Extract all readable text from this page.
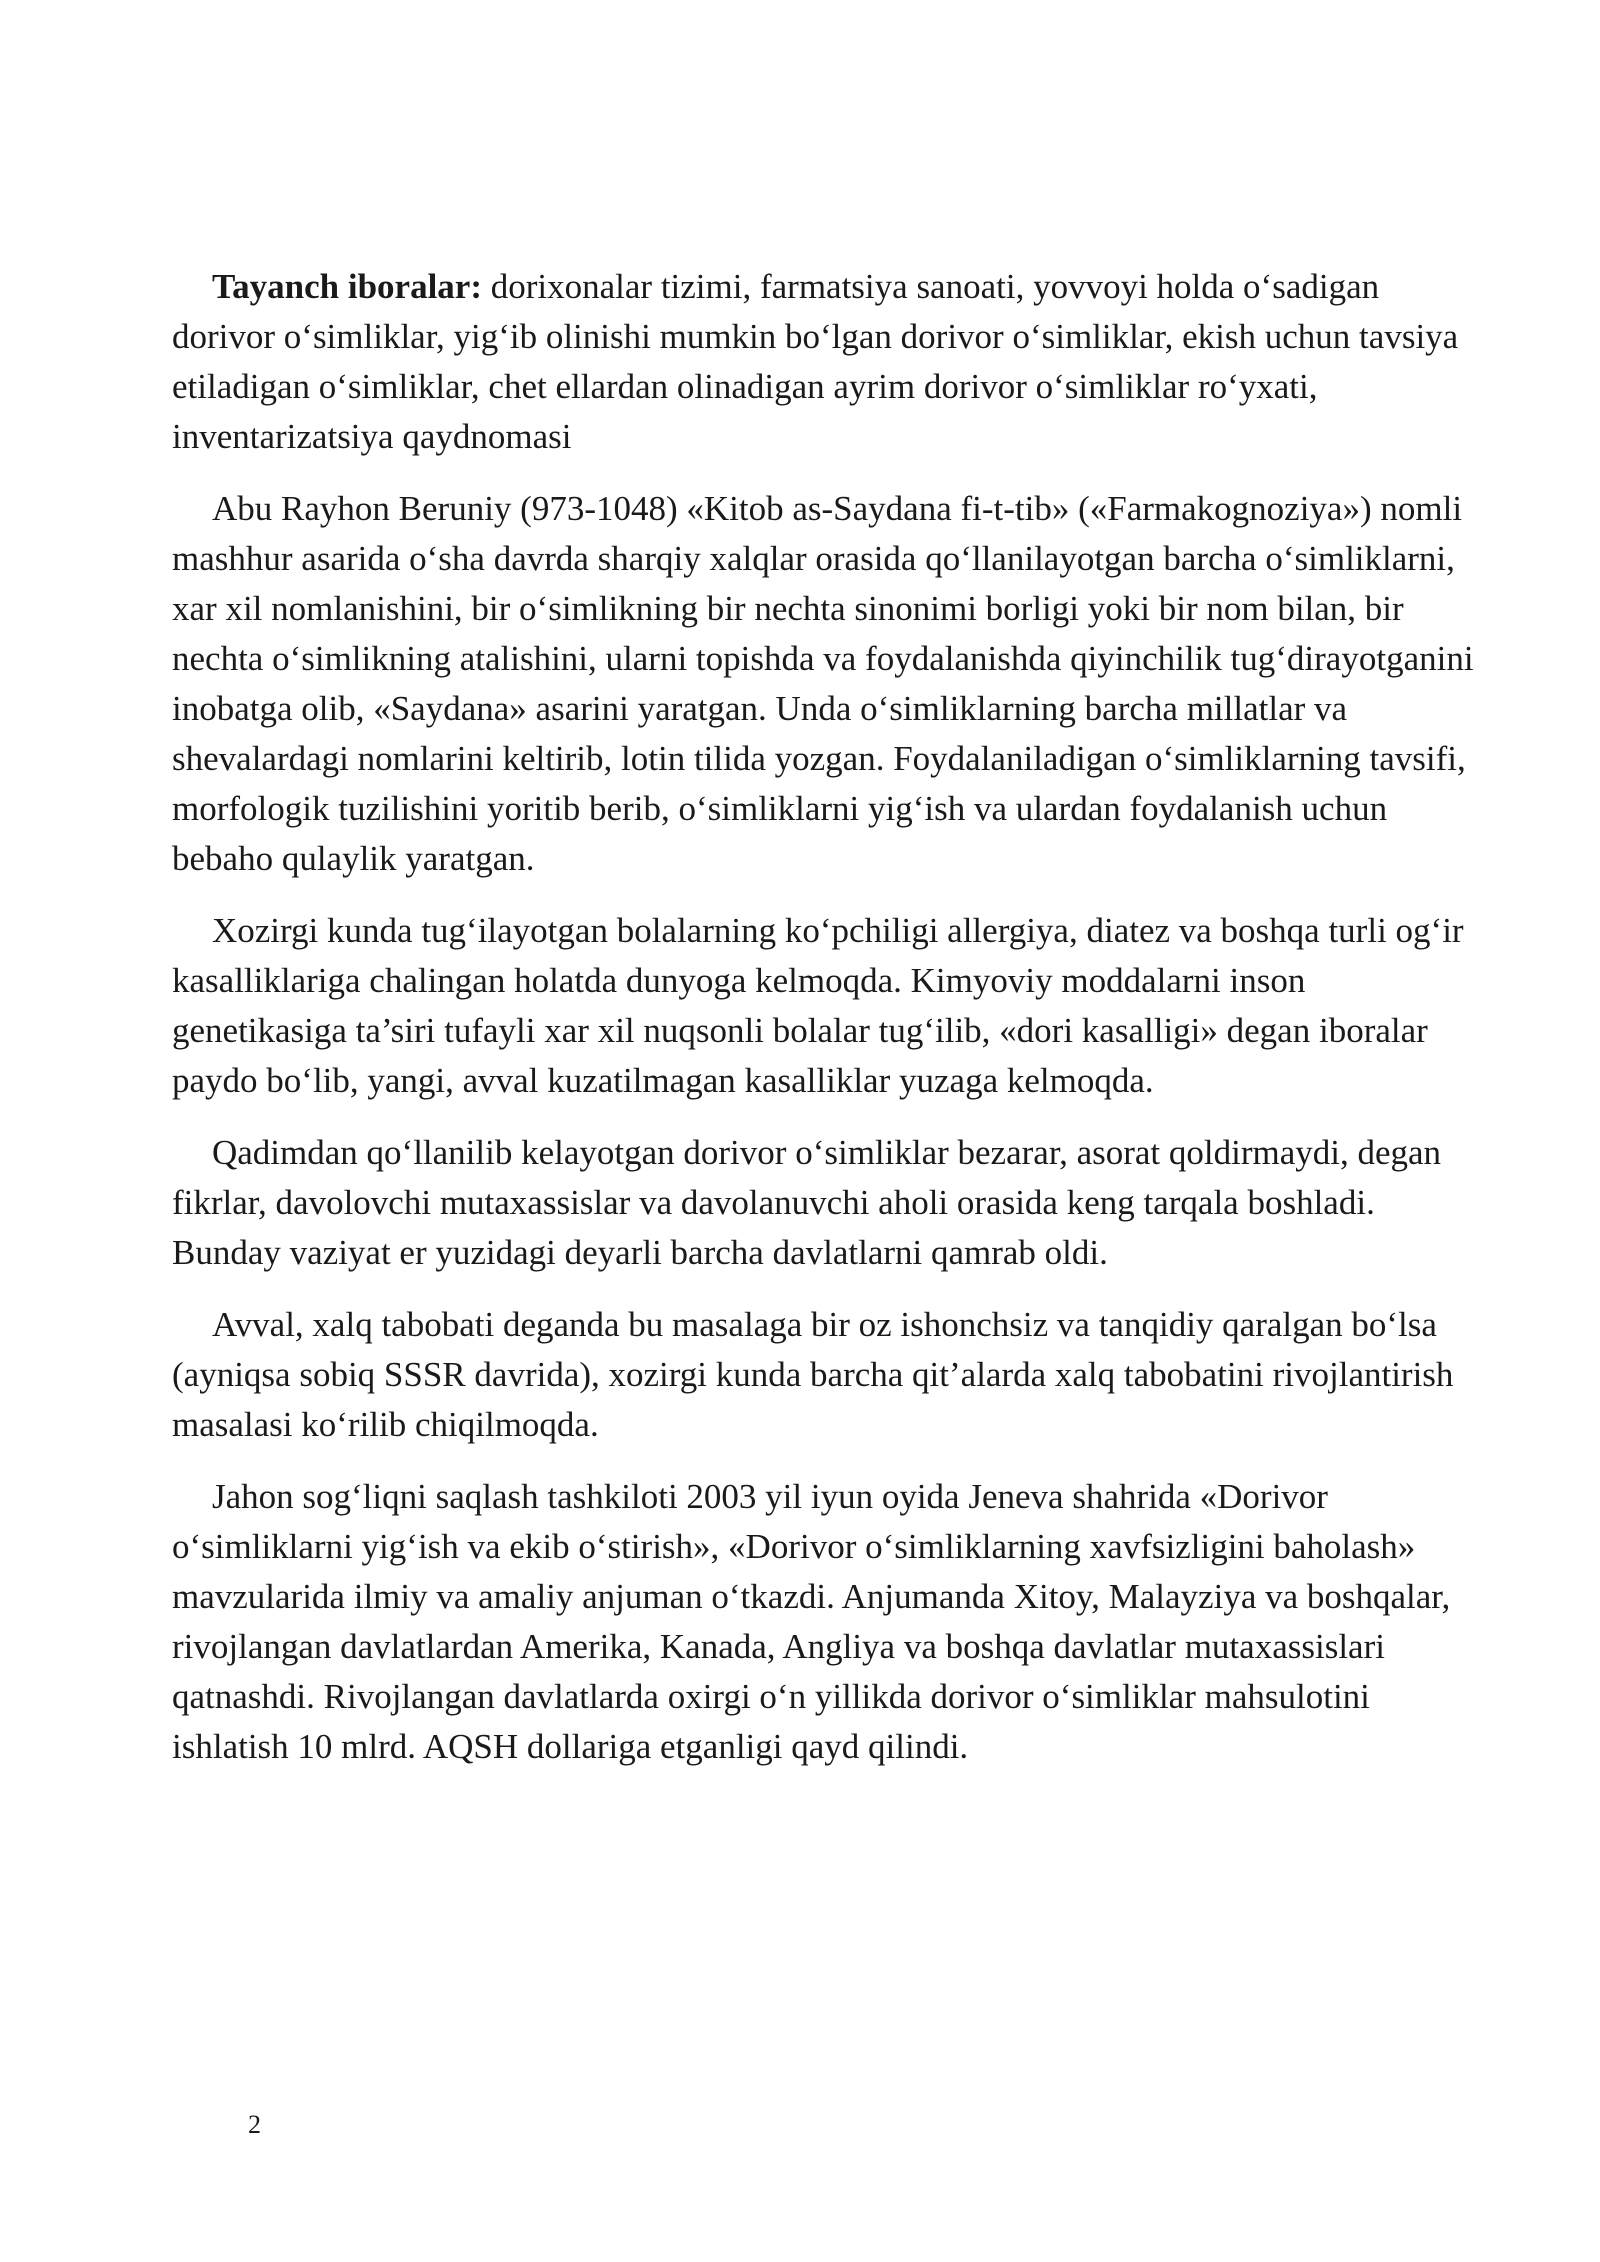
Tayanch iboralar: dorixonalar tizimi, farmatsiya sanoati, yovvoyi holda o‘sadigan dorivor o‘simliklar, yig‘ib olinishi mumkin bo‘lgan dorivor o‘simliklar, ekish uchun tavsiya etiladigan o‘simliklar, chet ellardan olinadigan ayrim dorivor o‘simliklar ro‘yxati, inventarizatsiya qaydnomasi

Abu Rayhon Beruniy (973-1048) «Kitob as-Saydana fi-t-tib» («Farmakognoziya») nomli mashhur asarida o‘sha davrda sharqiy xalqlar orasida qo‘llanilayotgan barcha o‘simliklarni, xar xil nomlanishini, bir o‘simlikning bir nechta sinonimi borligi yoki bir nom bilan, bir nechta o‘simlikning atalishini, ularni topishda va foydalanishda qiyinchilik tug‘dirayotganini inobatga olib, «Saydana» asarini yaratgan. Unda o‘simliklarning barcha millatlar va shevalardagi nomlarini keltirib, lotin tilida yozgan. Foydalaniladigan o‘simliklarning tavsifi, morfologik tuzilishini yoritib berib, o‘simliklarni yig‘ish va ulardan foydalanish uchun bebaho qulaylik yaratgan.

Xozirgi kunda tug‘ilayotgan bolalarning ko‘pchiligi allergiya, diatez va boshqa turli og‘ir kasalliklariga chalingan holatda dunyoga kelmoqda. Kimyoviy moddalarni inson genetikasiga ta’siri tufayli xar xil nuqsonli bolalar tug‘ilib, «dori kasalligi» degan iboralar paydo bo‘lib, yangi, avval kuzatilmagan kasalliklar yuzaga kelmoqda.

Qadimdan qo‘llanilib kelayotgan dorivor o‘simliklar bezarar, asorat qoldirmaydi, degan fikrlar, davolovchi mutaxassislar va davolanuvchi aholi orasida keng tarqala boshladi. Bunday vaziyat er yuzidagi deyarli barcha davlatlarni qamrab oldi.

Avval, xalq tabobati deganda bu masalaga bir oz ishonchsiz va tanqidiy qaralgan bo‘lsa (ayniqsa sobiq SSSR davrida), xozirgi kunda barcha qit’alarda xalq tabobatini rivojlantirish masalasi ko‘rilib chiqilmoqda.

Jahon sog‘liqni saqlash tashkiloti 2003 yil iyun oyida Jeneva shahrida «Dorivor o‘simliklarni yig‘ish va ekib o‘stirish», «Dorivor o‘simliklarning xavfsizligini baholash» mavzularida ilmiy va amaliy anjuman o‘tkazdi. Anjumanda Xitoy, Malayziya va boshqalar, rivojlangan davlatlardan Amerika, Kanada, Angliya va boshqa davlatlar mutaxassislari qatnashdi. Rivojlangan davlatlarda oxirgi o‘n yillikda dorivor o‘simliklar mahsulotini ishlatish 10 mlrd. AQSH dollariga etganligi qayd qilindi.

2
